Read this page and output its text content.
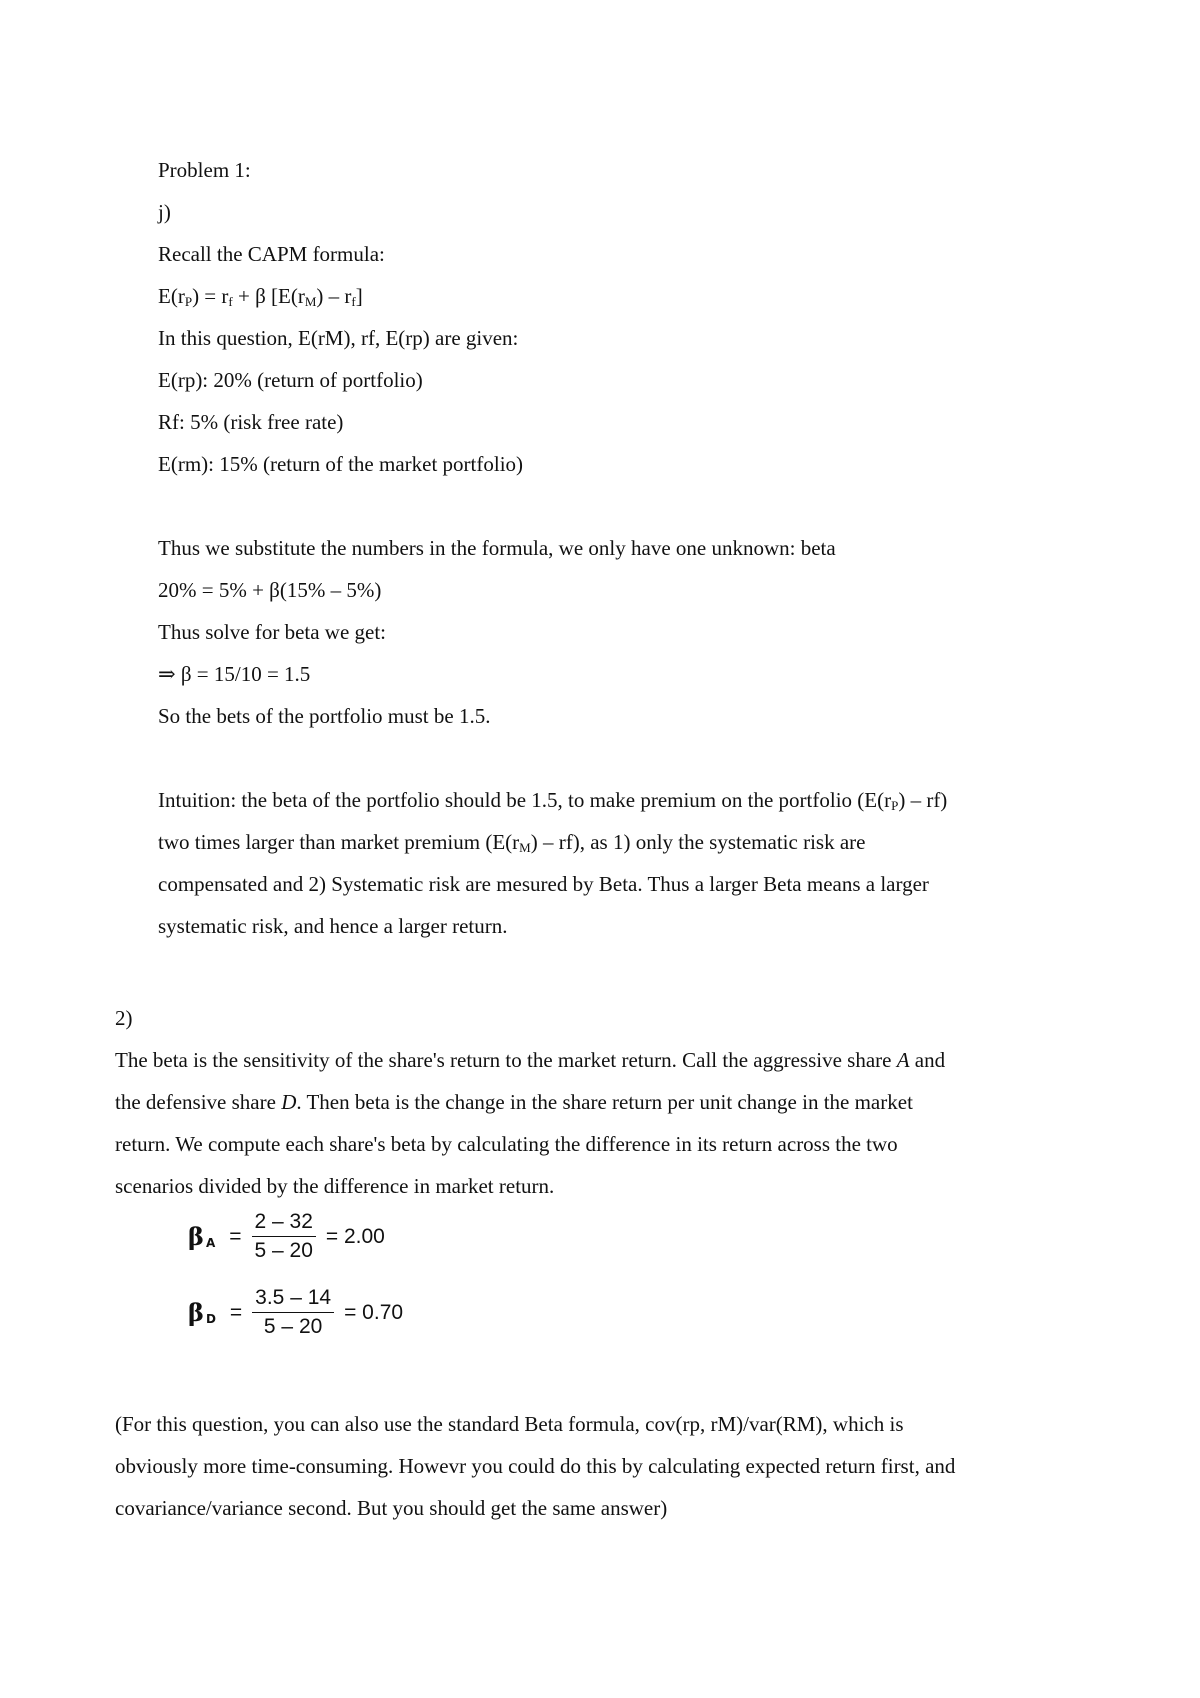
Problem 1:
j)
Recall the CAPM formula:
$E(r_P) = r_f + \beta$ $[E(r_M) - r_f]$
In this question, E(rM), rf, E(rp) are given:
E(rp): 20% (return of portfolio)
Rf: 5% (risk free rate)
E(rm): 15% (return of the market portfolio)
Thus we substitute the numbers in the formula, we only have one unknown: beta
20% = 5% + β(15% – 5%)
Thus solve for beta we get:
⇒ β = 15/10 = 1.5
So the bets of the portfolio must be 1.5.
Intuition: the beta of the portfolio should be 1.5, to make premium on the portfolio $(E(r_P) - rf)$
two times larger than market premium $(E(r_M) - rf)$, as 1) only the systematic risk are
compensated and 2) Systematic risk are mesured by Beta. Thus a larger Beta means a larger
systematic risk, and hence a larger return.
2)
The beta is the sensitivity of the share's return to the market return. Call the aggressive share A and
the defensive share D. Then beta is the change in the share return per unit change in the market
return. We compute each share's beta by calculating the difference in its return across the two
scenarios divided by the difference in market return.
β $A = \frac{2 - 32}{5 - 20} = 2.00$
β $D = \frac{3.5 - 14}{5 - 20} = 0.70$
(For this question, you can also use the standard Beta formula, cov(rp, rM)/var(RM), which is
obviously more time-consuming. Howevr you could do this by calculating expected return first, and
covariance/variance second. But you should get the same answer)
